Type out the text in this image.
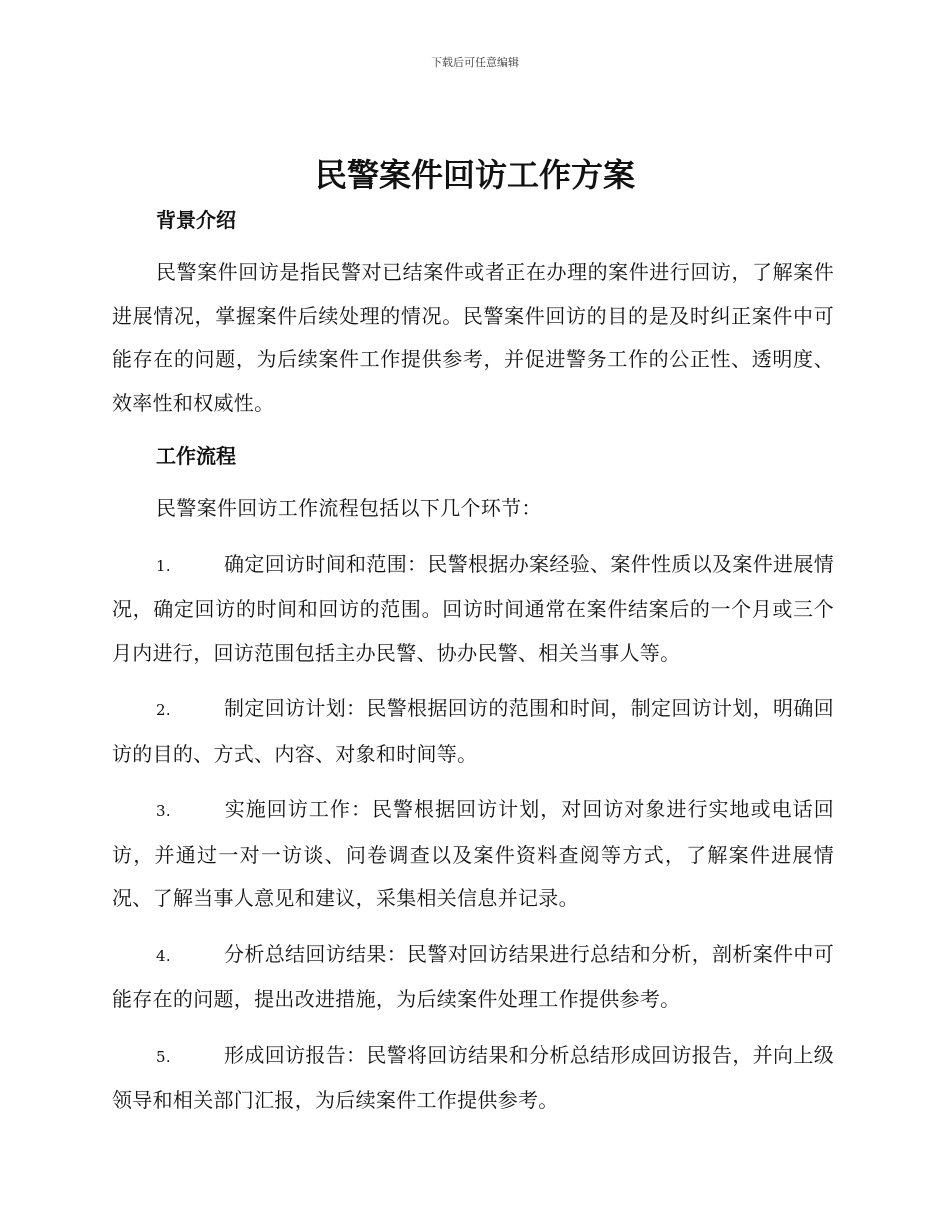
下载后可任意编辑
民警案件回访工作方案
背景介绍

民警案件回访是指民警对已结案件或者正在办理的案件进行回访，了解案件进展情况，掌握案件后续处理的情况。民警案件回访的目的是及时纠正案件中可能存在的问题，为后续案件工作提供参考，并促进警务工作的公正性、透明度、效率性和权威性。

工作流程

民警案件回访工作流程包括以下几个环节：

1.	确定回访时间和范围：民警根据办案经验、案件性质以及案件进展情况，确定回访的时间和回访的范围。回访时间通常在案件结案后的一个月或三个月内进行，回访范围包括主办民警、协办民警、相关当事人等。

2.	制定回访计划：民警根据回访的范围和时间，制定回访计划，明确回访的目的、方式、内容、对象和时间等。

3.	实施回访工作：民警根据回访计划，对回访对象进行实地或电话回访，并通过一对一访谈、问卷调查以及案件资料查阅等方式，了解案件进展情况、了解当事人意见和建议，采集相关信息并记录。

4.	分析总结回访结果：民警对回访结果进行总结和分析，剖析案件中可能存在的问题，提出改进措施，为后续案件处理工作提供参考。

5.	形成回访报告：民警将回访结果和分析总结形成回访报告，并向上级领导和相关部门汇报，为后续案件工作提供参考。
